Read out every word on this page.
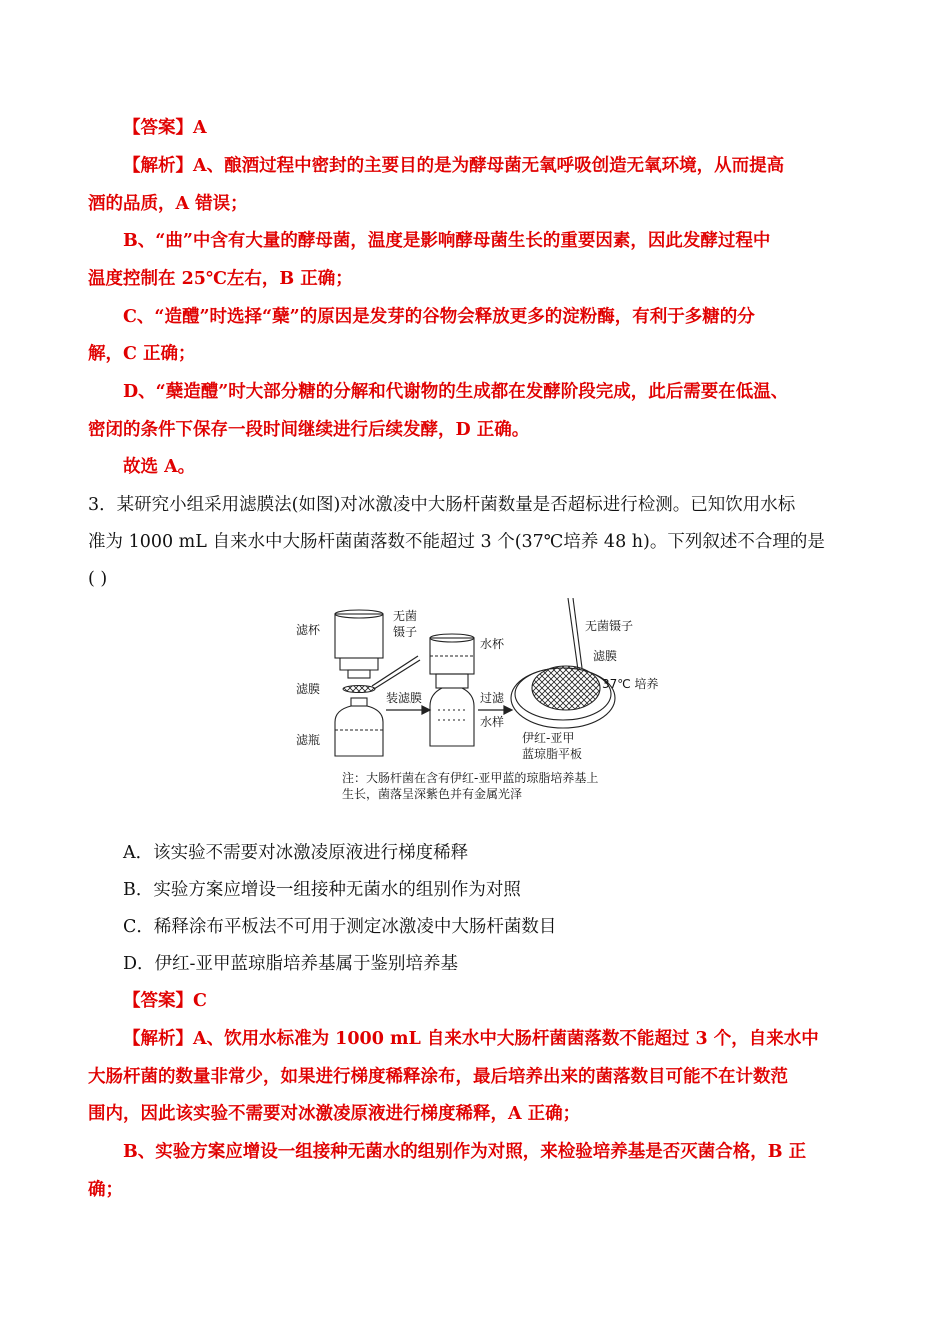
【答案】A
【解析】A、酿酒过程中密封的主要目的是为酵母菌无氧呼吸创造无氧环境，从而提高
酒的品质，A 错误；
B、“曲”中含有大量的酵母菌，温度是影响酵母菌生长的重要因素，因此发酵过程中
温度控制在 25℃左右，B 正确；
C、“造醴”时选择“蘖”的原因是发芽的谷物会释放更多的淀粉酶，有利于多糖的分
解，C 正确；
D、“蘖造醴”时大部分糖的分解和代谢物的生成都在发酵阶段完成，此后需要在低温、
密闭的条件下保存一段时间继续进行后续发酵，D 正确。
故选 A。
3．某研究小组采用滤膜法(如图)对冰激凌中大肠杆菌数量是否超标进行检测。已知饮用水标
准为 1000 mL 自来水中大肠杆菌菌落数不能超过 3 个(37℃培养 48 h)。下列叙述不合理的是
( )
A．该实验不需要对冰激凌原液进行梯度稀释
B．实验方案应增设一组接种无菌水的组别作为对照
C．稀释涂布平板法不可用于测定冰激凌中大肠杆菌数目
D．伊红-亚甲蓝琼脂培养基属于鉴别培养基
【答案】C
【解析】A、饮用水标准为 1000 mL 自来水中大肠杆菌菌落数不能超过 3 个，自来水中
大肠杆菌的数量非常少，如果进行梯度稀释涂布，最后培养出来的菌落数目可能不在计数范
围内，因此该实验不需要对冰激凌原液进行梯度稀释，A 正确；
B、实验方案应增设一组接种无菌水的组别作为对照，来检验培养基是否灭菌合格，B 正
确；
滤杯
滤膜
滤瓶
无菌
镊子
装滤膜
水杯
过滤
水样
无菌镊子
滤膜
37℃ 培养
伊红-亚甲
蓝琼脂平板
注：大肠杆菌在含有伊红-亚甲蓝的琼脂培养基上
生长，菌落呈深紫色并有金属光泽
